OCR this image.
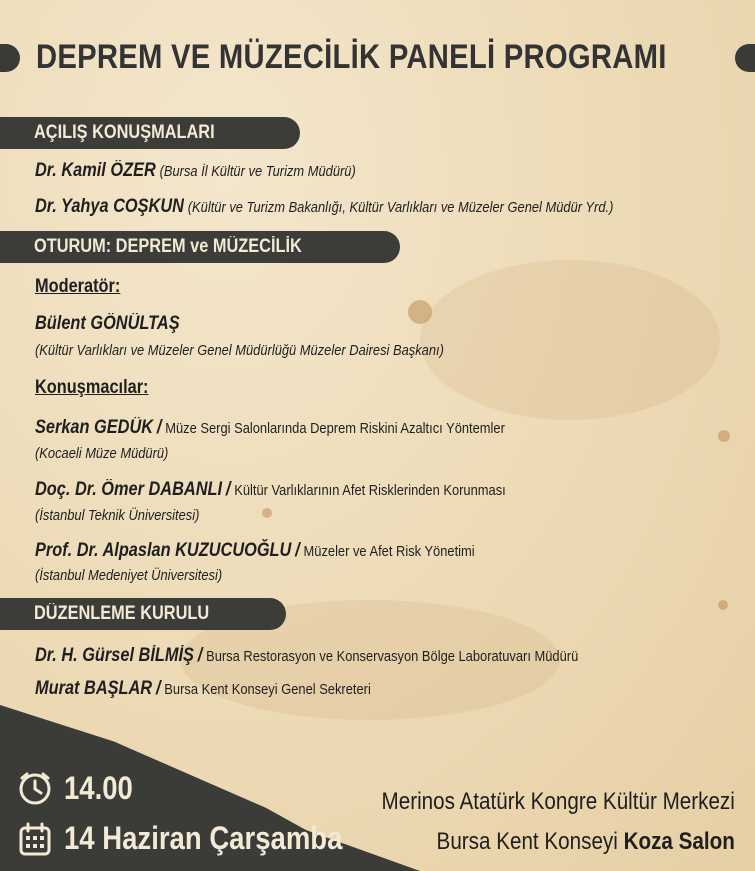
DEPREM VE MÜZECİLİK PANELİ PROGRAMI
AÇILIŞ KONUŞMALARI
Dr. Kamil ÖZER (Bursa İl Kültür ve Turizm Müdürü)
Dr. Yahya COŞKUN (Kültür ve Turizm Bakanlığı, Kültür Varlıkları ve Müzeler Genel Müdür Yrd.)
OTURUM: DEPREM ve MÜZECİLİK
Moderatör:
Bülent GÖNÜLTAŞ
(Kültür Varlıkları ve Müzeler Genel Müdürlüğü Müzeler Dairesi Başkanı)
Konuşmacılar:
Serkan GEDÜK / Müze Sergi Salonlarında Deprem Riskini Azaltıcı Yöntemler
(Kocaeli Müze Müdürü)
Doç. Dr. Ömer DABANLI / Kültür Varlıklarının Afet Risklerinden Korunması
(İstanbul Teknik Üniversitesi)
Prof. Dr. Alpaslan KUZUCUOĞLU / Müzeler ve Afet Risk Yönetimi
(İstanbul Medeniyet Üniversitesi)
DÜZENLEME KURULU
Dr. H. Gürsel BİLMİŞ / Bursa Restorasyon ve Konservasyon Bölge Laboratuvarı Müdürü
Murat BAŞLAR / Bursa Kent Konseyi Genel Sekreteri
14.00
14 Haziran Çarşamba
Merinos Atatürk Kongre Kültür Merkezi
Bursa Kent Konseyi Koza Salon
